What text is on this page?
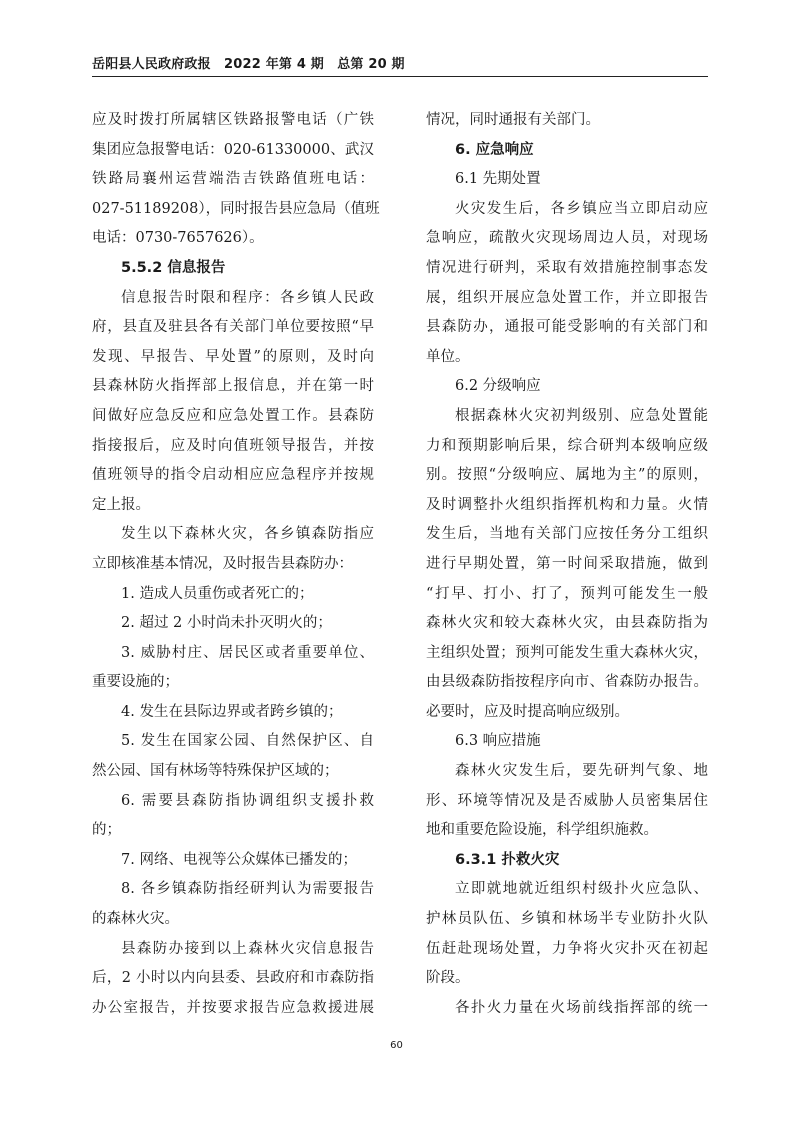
岳阳县人民政府政报　2022 年第 4 期　总第 20 期
应及时拨打所属辖区铁路报警电话（广铁
集团应急报警电话：020-61330000、武汉
铁路局襄州运营端浩吉铁路值班电话：
027-51189208），同时报告县应急局（值班
电话：0730-7657626）。
5.5.2 信息报告
信息报告时限和程序：各乡镇人民政
府，县直及驻县各有关部门单位要按照“早
发现、早报告、早处置”的原则，及时向
县森林防火指挥部上报信息，并在第一时
间做好应急反应和应急处置工作。县森防
指接报后，应及时向值班领导报告，并按
值班领导的指令启动相应应急程序并按规
定上报。
发生以下森林火灾，各乡镇森防指应
立即核准基本情况，及时报告县森防办：
1. 造成人员重伤或者死亡的；
2. 超过 2 小时尚未扑灭明火的；
3. 威胁村庄、居民区或者重要单位、
重要设施的；
4. 发生在县际边界或者跨乡镇的；
5. 发生在国家公园、自然保护区、自
然公园、国有林场等特殊保护区域的；
6. 需要县森防指协调组织支援扑救
的；
7. 网络、电视等公众媒体已播发的；
8. 各乡镇森防指经研判认为需要报告
的森林火灾。
县森防办接到以上森林火灾信息报告
后，2 小时以内向县委、县政府和市森防指
办公室报告，并按要求报告应急救援进展
情况，同时通报有关部门。
6. 应急响应
6.1 先期处置
火灾发生后，各乡镇应当立即启动应
急响应，疏散火灾现场周边人员，对现场
情况进行研判，采取有效措施控制事态发
展，组织开展应急处置工作，并立即报告
县森防办，通报可能受影响的有关部门和
单位。
6.2 分级响应
根据森林火灾初判级别、应急处置能
力和预期影响后果，综合研判本级响应级
别。按照“分级响应、属地为主”的原则，
及时调整扑火组织指挥机构和力量。火情
发生后，当地有关部门应按任务分工组织
进行早期处置，第一时间采取措施，做到
“打早、打小、打了，预判可能发生一般
森林火灾和较大森林火灾，由县森防指为
主组织处置；预判可能发生重大森林火灾，
由县级森防指按程序向市、省森防办报告。
必要时，应及时提高响应级别。
6.3 响应措施
森林火灾发生后，要先研判气象、地
形、环境等情况及是否威胁人员密集居住
地和重要危险设施，科学组织施救。
6.3.1 扑救火灾
立即就地就近组织村级扑火应急队、
护林员队伍、乡镇和林场半专业防扑火队
伍赶赴现场处置，力争将火灾扑灭在初起
阶段。
各扑火力量在火场前线指挥部的统一
60
